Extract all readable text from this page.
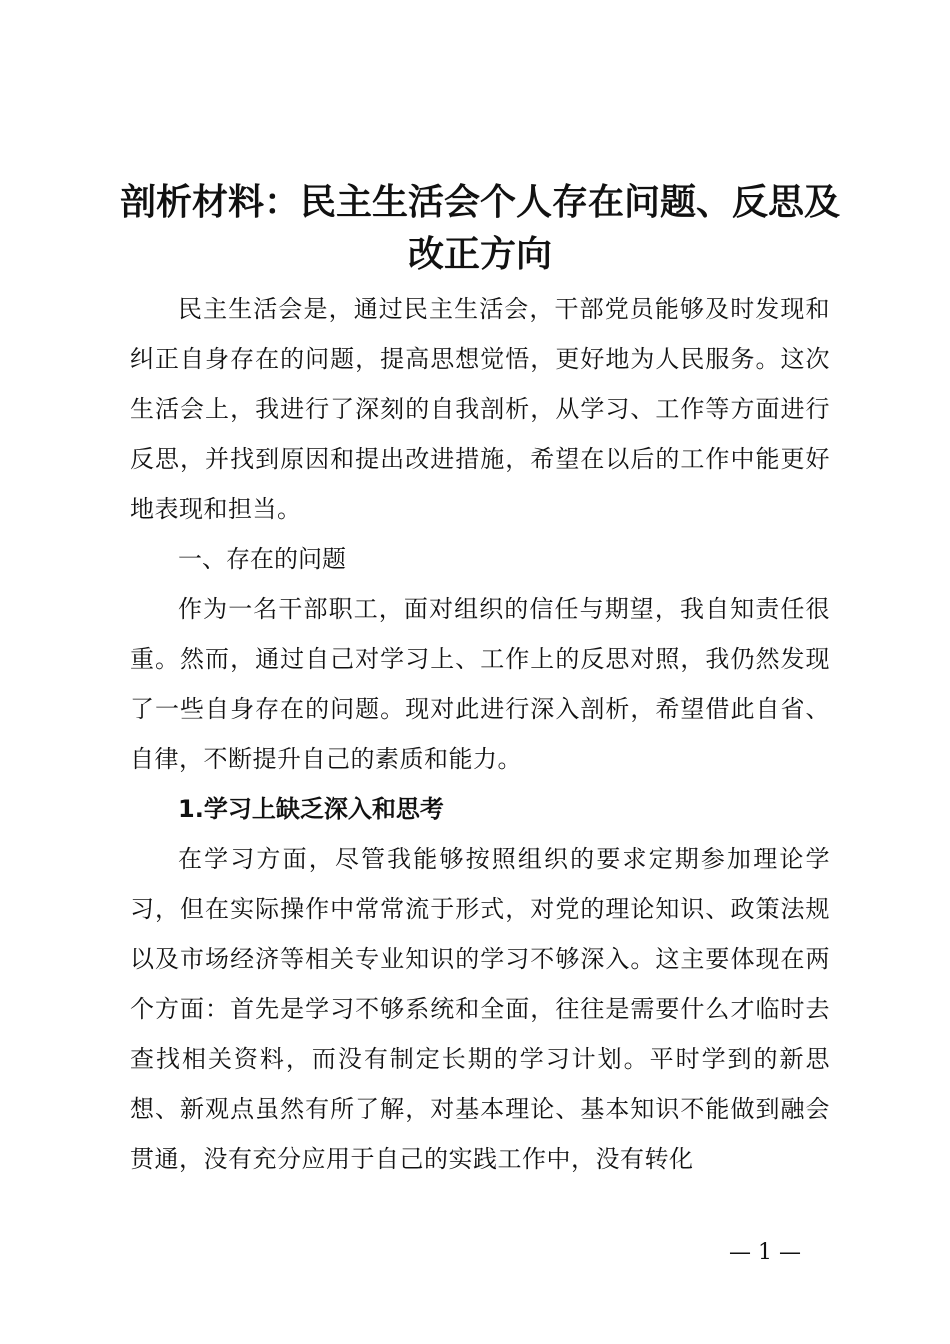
剖析材料：民主生活会个人存在问题、反思及
改正方向

民主生活会是，通过民主生活会，干部党员能够及时发现和纠正自身存在的问题，提高思想觉悟，更好地为人民服务。这次生活会上，我进行了深刻的自我剖析，从学习、工作等方面进行反思，并找到原因和提出改进措施，希望在以后的工作中能更好地表现和担当。

一、存在的问题

作为一名干部职工，面对组织的信任与期望，我自知责任很重。然而，通过自己对学习上、工作上的反思对照，我仍然发现了一些自身存在的问题。现对此进行深入剖析，希望借此自省、自律，不断提升自己的素质和能力。

1.学习上缺乏深入和思考

在学习方面，尽管我能够按照组织的要求定期参加理论学习，但在实际操作中常常流于形式，对党的理论知识、政策法规以及市场经济等相关专业知识的学习不够深入。这主要体现在两个方面：首先是学习不够系统和全面，往往是需要什么才临时去查找相关资料，而没有制定长期的学习计划。平时学到的新思想、新观点虽然有所了解，对基本理论、基本知识不能做到融会贯通，没有充分应用于自己的实践工作中，没有转化

— 1 —
